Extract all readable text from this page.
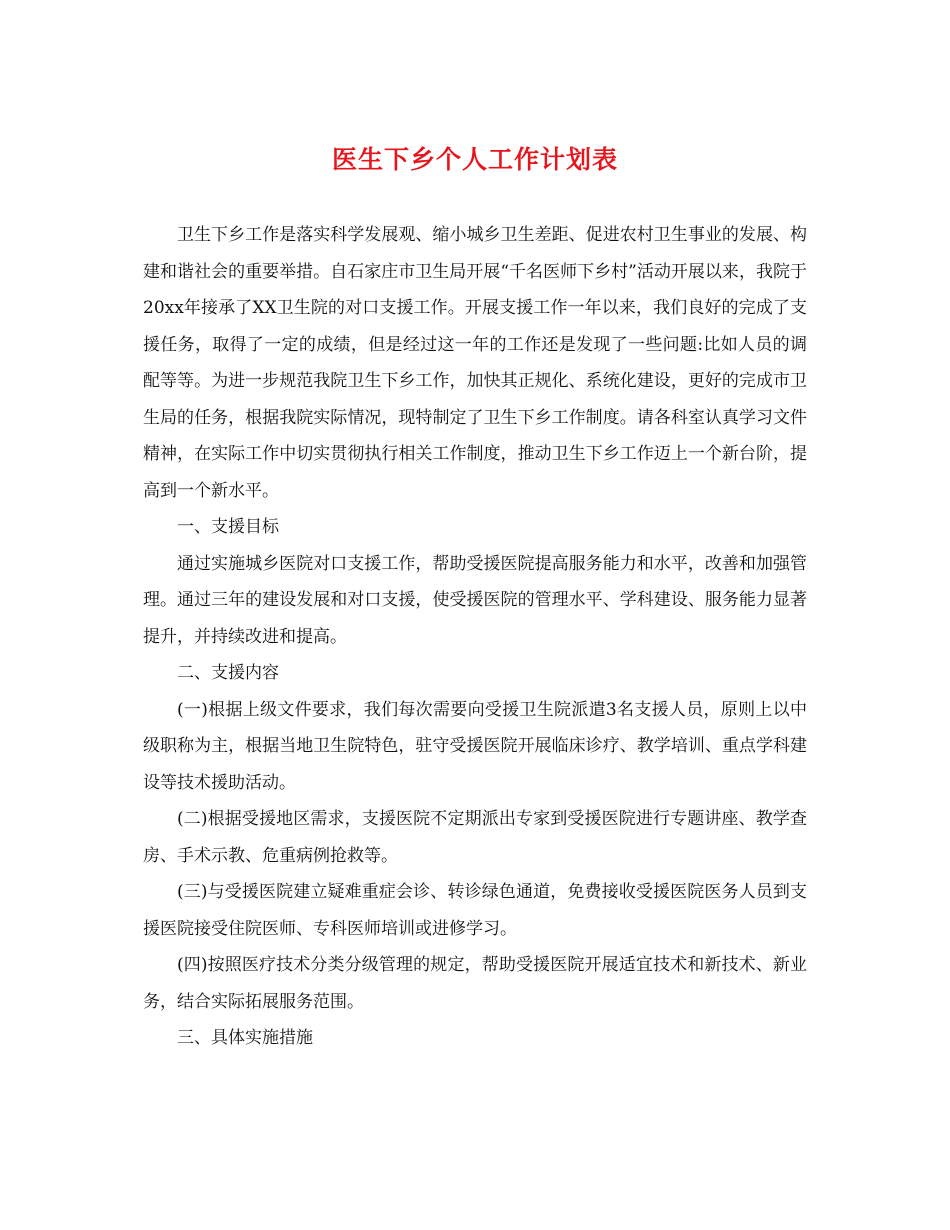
医生下乡个人工作计划表

卫生下乡工作是落实科学发展观、缩小城乡卫生差距、促进农村卫生事业的发展、构建和谐社会的重要举措。自石家庄市卫生局开展“千名医师下乡村”活动开展以来，我院于20xx年接承了XX卫生院的对口支援工作。开展支援工作一年以来，我们良好的完成了支援任务，取得了一定的成绩，但是经过这一年的工作还是发现了一些问题:比如人员的调配等等。为进一步规范我院卫生下乡工作，加快其正规化、系统化建设，更好的完成市卫生局的任务，根据我院实际情况，现特制定了卫生下乡工作制度。请各科室认真学习文件精神，在实际工作中切实贯彻执行相关工作制度，推动卫生下乡工作迈上一个新台阶，提高到一个新水平。

一、支援目标

通过实施城乡医院对口支援工作，帮助受援医院提高服务能力和水平，改善和加强管理。通过三年的建设发展和对口支援，使受援医院的管理水平、学科建设、服务能力显著提升，并持续改进和提高。

二、支援内容

(一)根据上级文件要求，我们每次需要向受援卫生院派遣3名支援人员，原则上以中级职称为主，根据当地卫生院特色，驻守受援医院开展临床诊疗、教学培训、重点学科建设等技术援助活动。

(二)根据受援地区需求，支援医院不定期派出专家到受援医院进行专题讲座、教学查房、手术示教、危重病例抢救等。

(三)与受援医院建立疑难重症会诊、转诊绿色通道，免费接收受援医院医务人员到支援医院接受住院医师、专科医师培训或进修学习。

(四)按照医疗技术分类分级管理的规定，帮助受援医院开展适宜技术和新技术、新业务，结合实际拓展服务范围。

三、具体实施措施
